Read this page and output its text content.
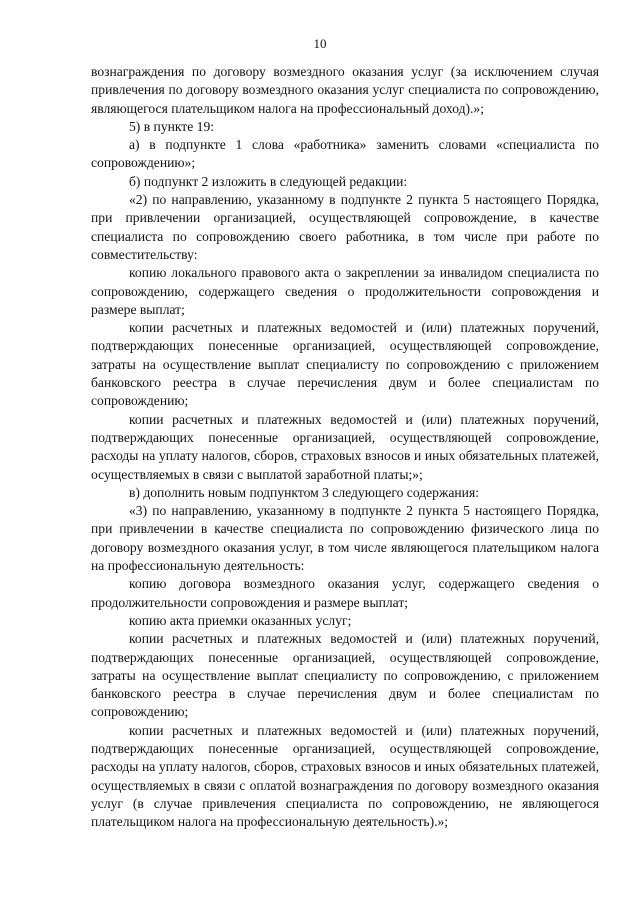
10

вознаграждения по договору возмездного оказания услуг (за исключением случая привлечения по договору возмездного оказания услуг специалиста по сопровождению, являющегося плательщиком налога на профессиональный доход).»;

5) в пункте 19:

а) в подпункте 1 слова «работника» заменить словами «специалиста по сопровождению»;

б) подпункт 2 изложить в следующей редакции:

«2) по направлению, указанному в подпункте 2 пункта 5 настоящего Порядка, при привлечении организацией, осуществляющей сопровождение, в качестве специалиста по сопровождению своего работника, в том числе при работе по совместительству:

копию локального правового акта о закреплении за инвалидом специалиста по сопровождению, содержащего сведения о продолжительности сопровождения и размере выплат;

копии расчетных и платежных ведомостей и (или) платежных поручений, подтверждающих понесенные организацией, осуществляющей сопровождение, затраты на осуществление выплат специалисту по сопровождению с приложением банковского реестра в случае перечисления двум и более специалистам по сопровождению;

копии расчетных и платежных ведомостей и (или) платежных поручений, подтверждающих понесенные организацией, осуществляющей сопровождение, расходы на уплату налогов, сборов, страховых взносов и иных обязательных платежей, осуществляемых в связи с выплатой заработной платы;»;

в) дополнить новым подпунктом 3 следующего содержания:

«3) по направлению, указанному в подпункте 2 пункта 5 настоящего Порядка, при привлечении в качестве специалиста по сопровождению физического лица по договору возмездного оказания услуг, в том числе являющегося плательщиком налога на профессиональную деятельность:

копию договора возмездного оказания услуг, содержащего сведения о продолжительности сопровождения и размере выплат;

копию акта приемки оказанных услуг;

копии расчетных и платежных ведомостей и (или) платежных поручений, подтверждающих понесенные организацией, осуществляющей сопровождение, затраты на осуществление выплат специалисту по сопровождению, с приложением банковского реестра в случае перечисления двум и более специалистам по сопровождению;

копии расчетных и платежных ведомостей и (или) платежных поручений, подтверждающих понесенные организацией, осуществляющей сопровождение, расходы на уплату налогов, сборов, страховых взносов и иных обязательных платежей, осуществляемых в связи с оплатой вознаграждения по договору возмездного оказания услуг (в случае привлечения специалиста по сопровождению, не являющегося плательщиком налога на профессиональную деятельность).»;
